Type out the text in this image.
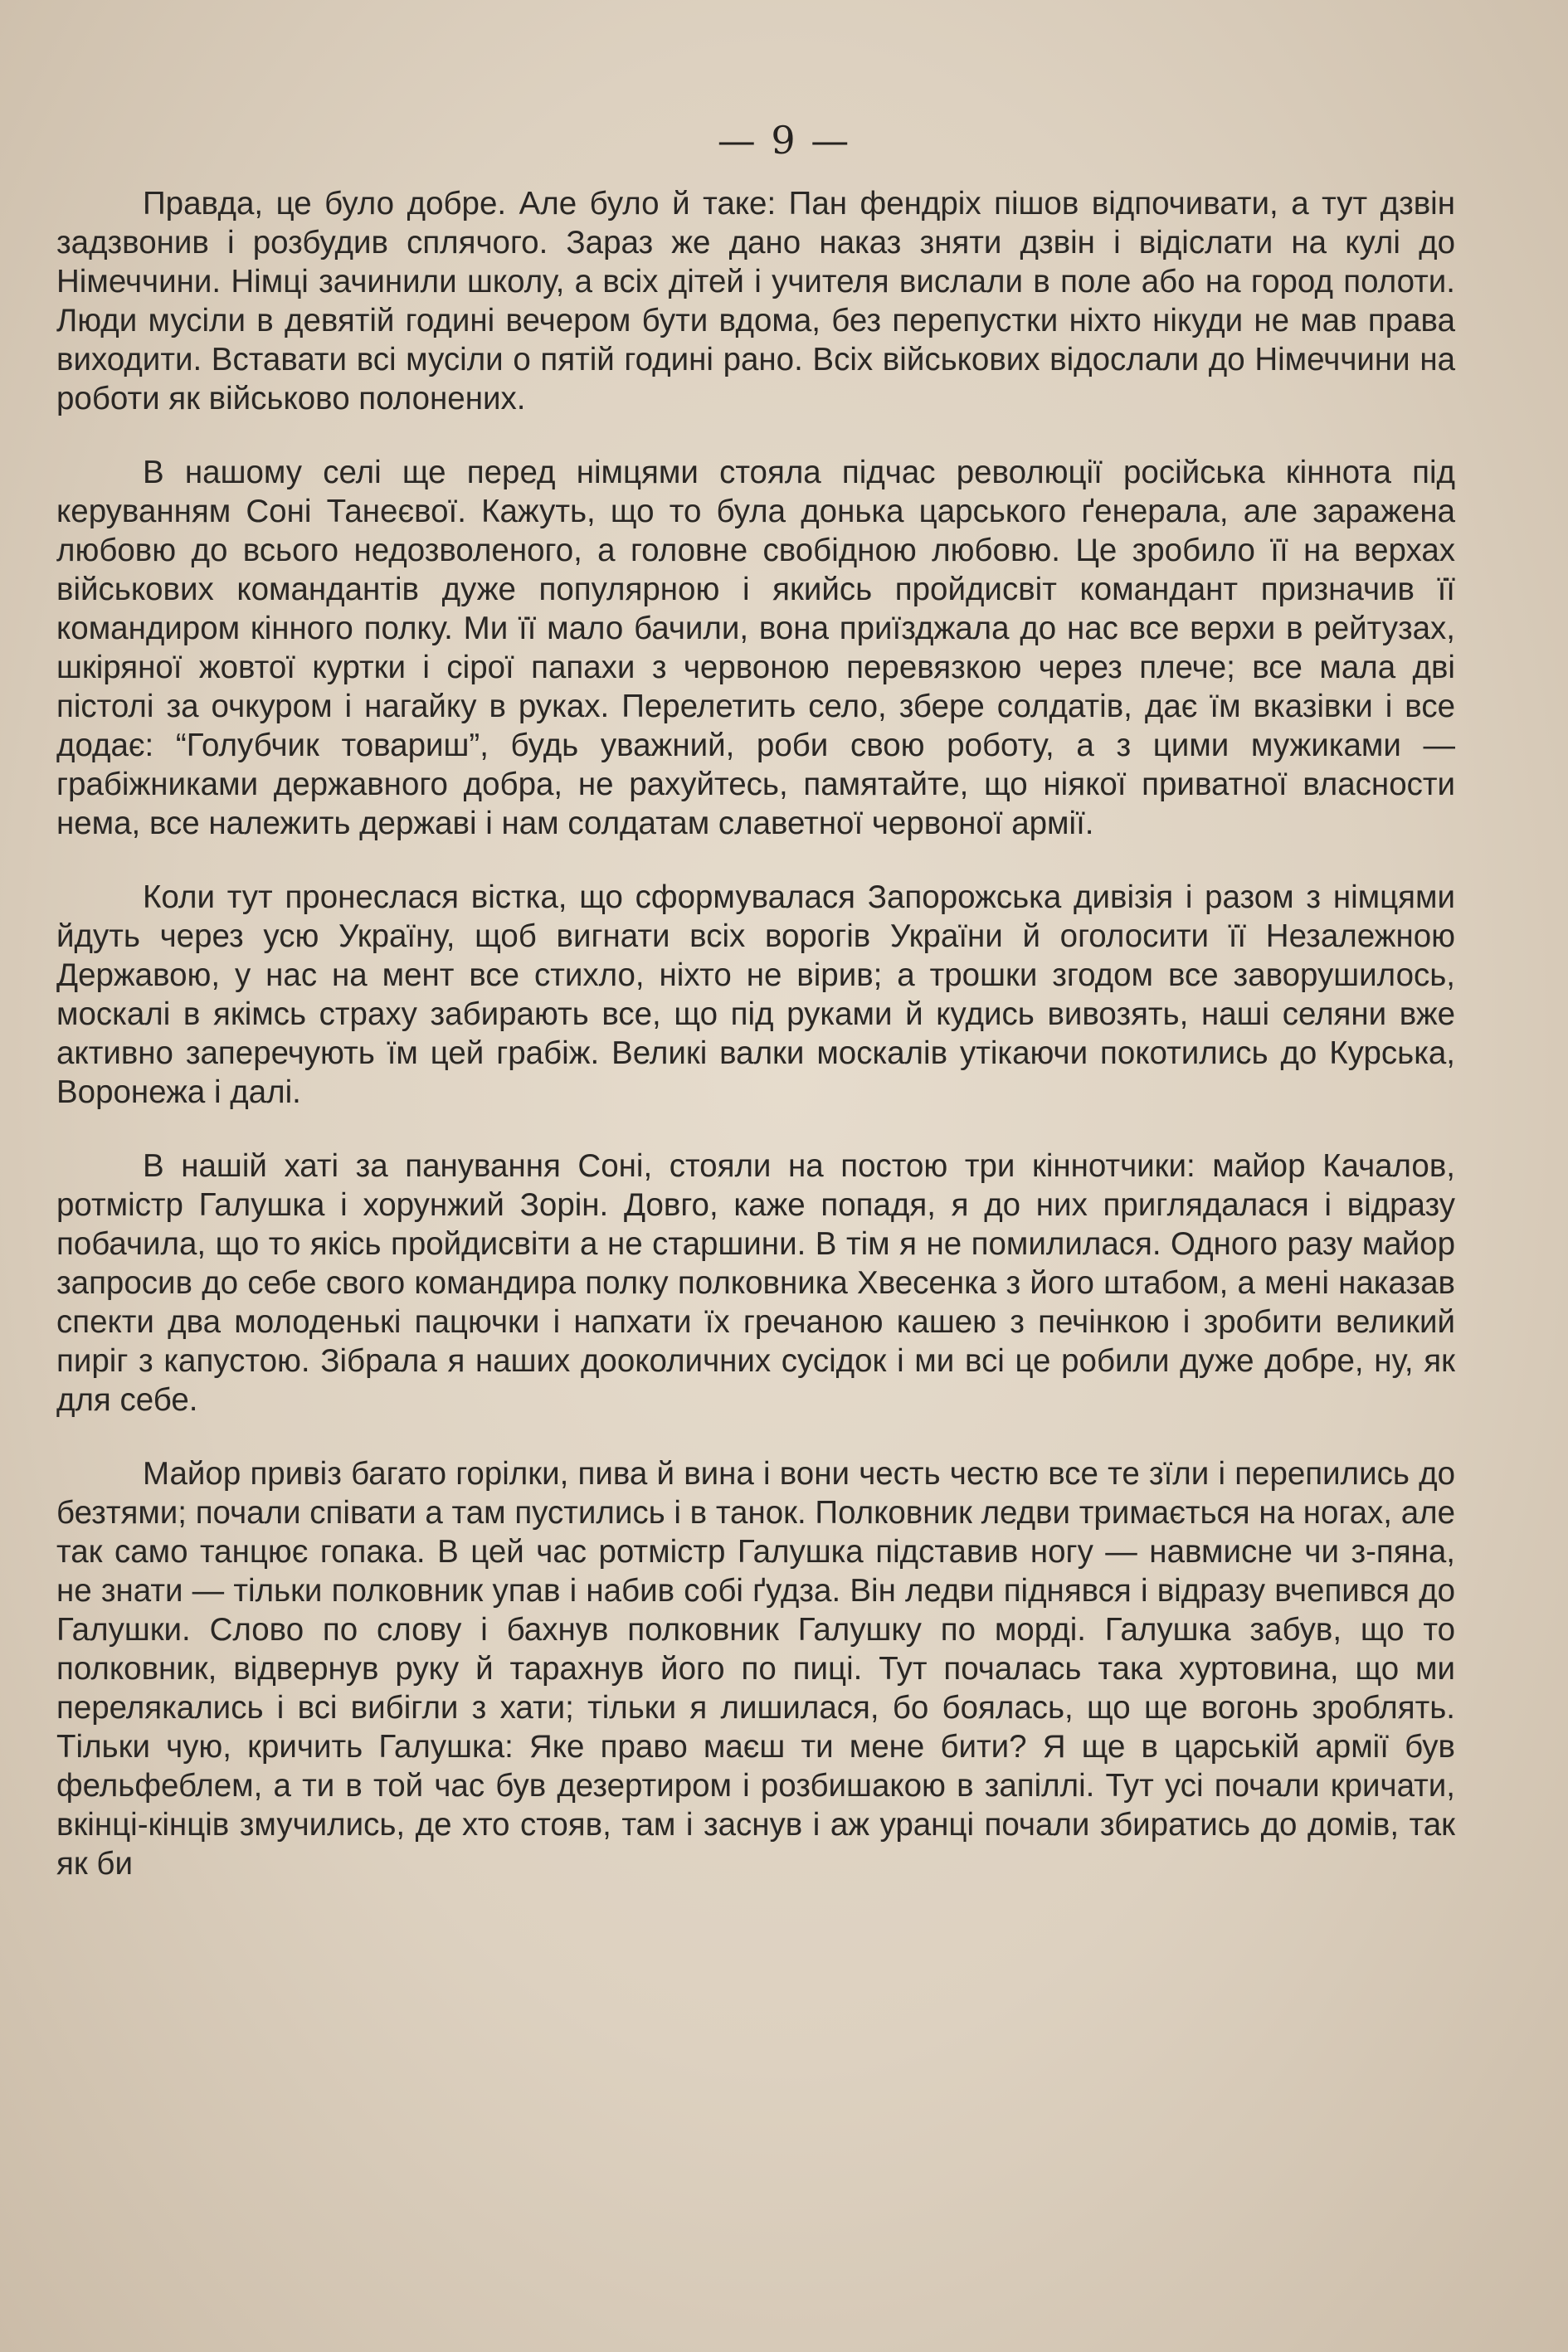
— 9 —

Правда, це було добре. Але було й таке: Пан фендріх пішов відпочивати, а тут дзвін задзвонив і розбудив сплячого. Зараз же дано наказ зняти дзвін і відіслати на кулі до Німеччини. Німці зачинили школу, а всіх дітей і учителя вислали в поле або на город полоти. Люди мусіли в девятій годині вечером бути вдома, без перепустки ніхто нікуди не мав права виходити. Вставати всі мусіли о пятій годині рано. Всіх військових відослали до Німеччини на роботи як військово полонених.

В нашому селі ще перед німцями стояла підчас революції російська кіннота під керуванням Соні Танеєвої. Кажуть, що то була донька царського ґенерала, але заражена любовю до всього недозволеного, а головне свобідною любовю. Це зробило її на верхах військових командантів дуже популярною і якийсь пройдисвіт командант призначив її командиром кінного полку. Ми її мало бачили, вона приїзджала до нас все верхи в рейтузах, шкіряної жовтої куртки і сірої папахи з червоною перевязкою через плече; все мала дві пістолі за очкуром і нагайку в руках. Перелетить село, збере солдатів, дає їм вказівки і все додає: “Голубчик товариш”, будь уважний, роби свою роботу, а з цими мужиками — грабіжниками державного добра, не рахуйтесь, памятайте, що ніякої приватної власности нема, все належить державі і нам солдатам славетної червоної армії.

Коли тут пронеслася вістка, що сформувалася Запорожська дивізія і разом з німцями йдуть через усю Україну, щоб вигнати всіх ворогів України й оголосити її Незалежною Державою, у нас на мент все стихло, ніхто не вірив; а трошки згодом все заворушилось, москалі в якімсь страху забирають все, що під руками й кудись вивозять, наші селяни вже активно заперечують їм цей грабіж. Великі валки москалів утікаючи покотились до Курська, Воронежа і далі.

В нашій хаті за панування Соні, стояли на постою три кіннотчики: майор Качалов, ротмістр Галушка і хорунжий Зорін. Довго, каже попадя, я до них приглядалася і відразу побачила, що то якісь пройдисвіти а не старшини. В тім я не помилилася. Одного разу майор запросив до себе свого командира полку полковника Хвесенка з його штабом, а мені наказав спекти два молоденькі пацючки і напхати їх гречаною кашею з печінкою і зробити великий пиріг з капустою. Зібрала я наших дооколичних сусідок і ми всі це робили дуже добре, ну, як для себе.

Майор привіз багато горілки, пива й вина і вони честь честю все те зїли і перепились до безтями; почали співати а там пустились і в танок. Полковник ледви тримається на ногах, але так само танцює гопака. В цей час ротмістр Галушка підставив ногу — навмисне чи з-пяна, не знати — тільки полковник упав і набив собі ґудза. Він ледви піднявся і відразу вчепився до Галушки. Слово по слову і бахнув полковник Галушку по морді. Галушка забув, що то полковник, відвернув руку й тарахнув його по пиці. Тут почалась така хуртовина, що ми перелякались і всі вибігли з хати; тільки я лишилася, бо боялась, що ще вогонь зроблять. Тільки чую, кричить Галушка: Яке право маєш ти мене бити? Я ще в царській армії був фельфеблем, а ти в той час був дезертиром і розбишакою в запіллі. Тут усі почали кричати, вкінці-кінців змучились, де хто стояв, там і заснув і аж уранці почали збиратись до домів, так як би
